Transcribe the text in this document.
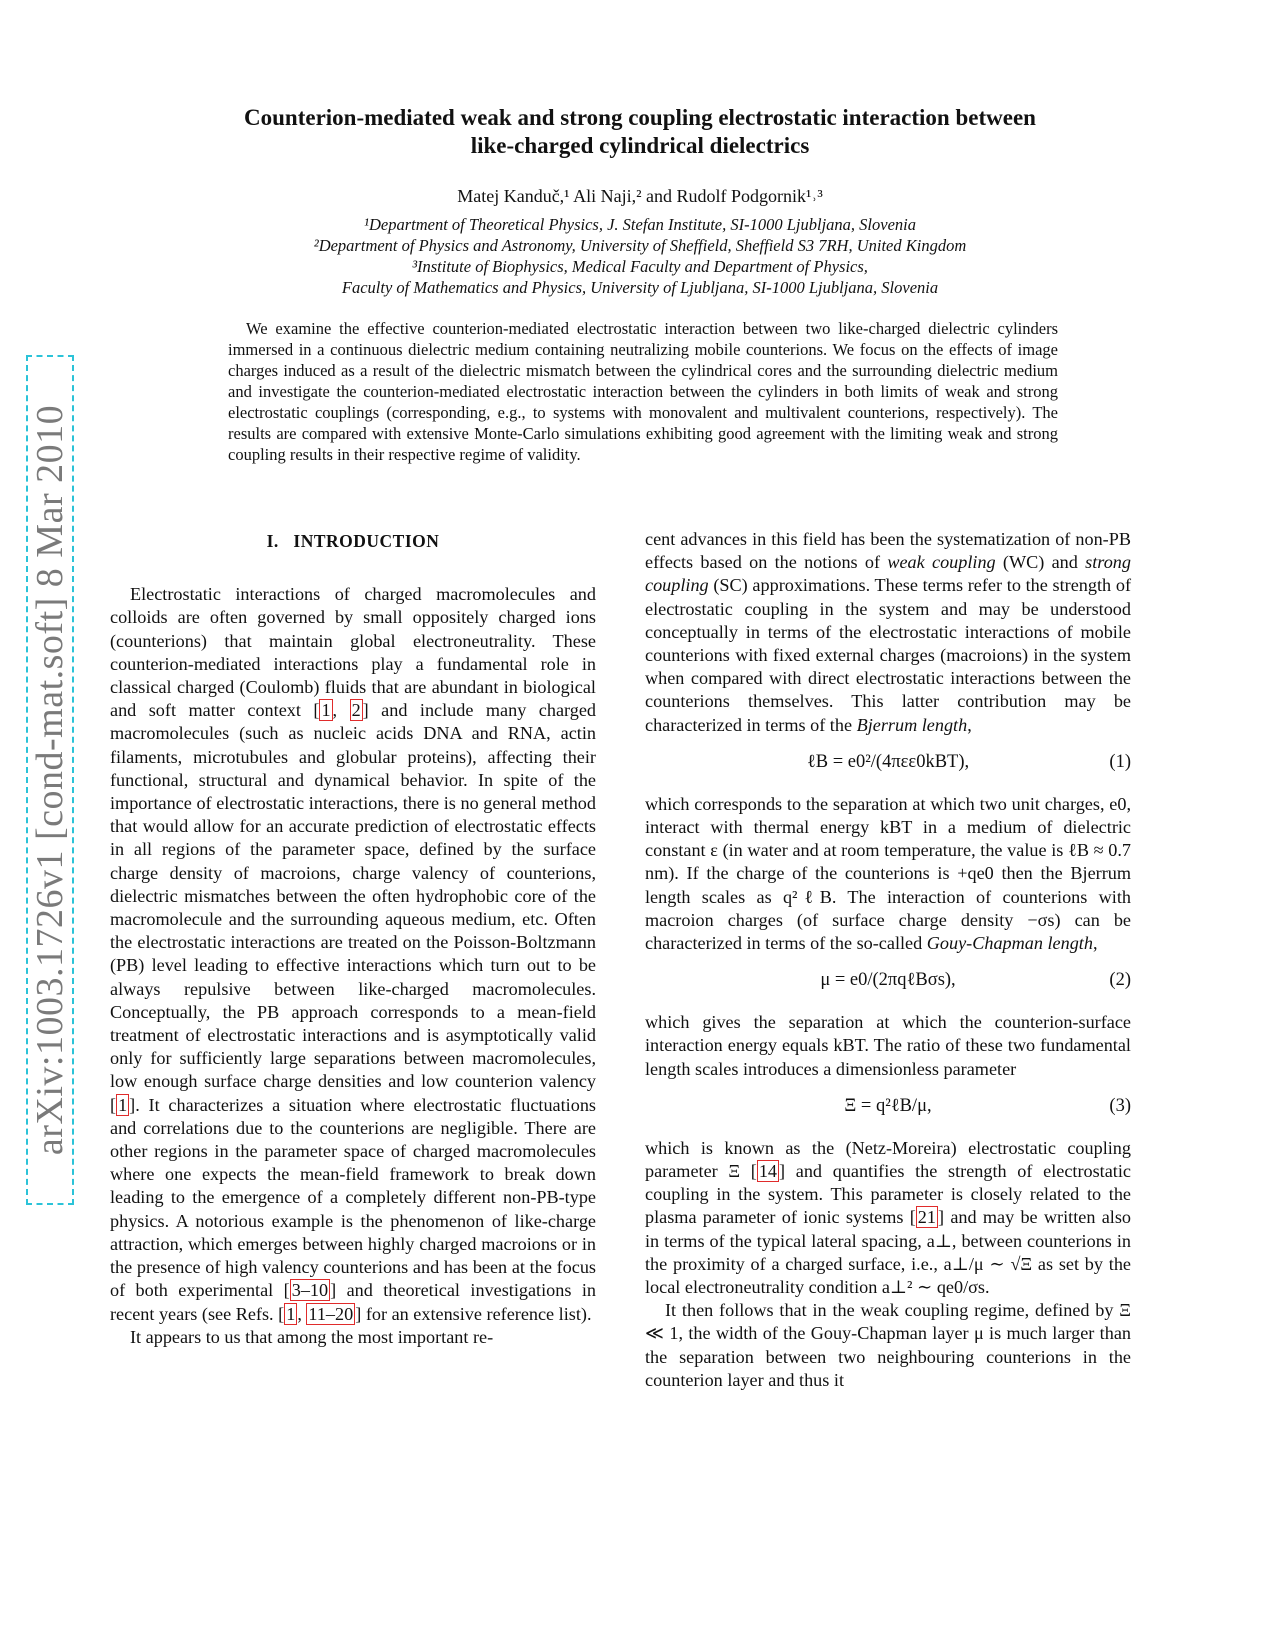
arXiv:1003.1726v1 [cond-mat.soft] 8 Mar 2010
Counterion-mediated weak and strong coupling electrostatic interaction between
like-charged cylindrical dielectrics
Matej Kanduč,¹ Ali Naji,² and Rudolf Podgornik¹˒³
¹Department of Theoretical Physics, J. Stefan Institute, SI-1000 Ljubljana, Slovenia
²Department of Physics and Astronomy, University of Sheffield, Sheffield S3 7RH, United Kingdom
³Institute of Biophysics, Medical Faculty and Department of Physics,
Faculty of Mathematics and Physics, University of Ljubljana, SI-1000 Ljubljana, Slovenia
We examine the effective counterion-mediated electrostatic interaction between two like-charged dielectric cylinders immersed in a continuous dielectric medium containing neutralizing mobile counterions. We focus on the effects of image charges induced as a result of the dielectric mismatch between the cylindrical cores and the surrounding dielectric medium and investigate the counterion-mediated electrostatic interaction between the cylinders in both limits of weak and strong electrostatic couplings (corresponding, e.g., to systems with monovalent and multivalent counterions, respectively). The results are compared with extensive Monte-Carlo simulations exhibiting good agreement with the limiting weak and strong coupling results in their respective regime of validity.
I. INTRODUCTION

Electrostatic interactions of charged macromolecules and colloids are often governed by small oppositely charged ions (counterions) that maintain global electroneutrality. These counterion-mediated interactions play a fundamental role in classical charged (Coulomb) fluids that are abundant in biological and soft matter context [ 1 , 2 ] and include many charged macromolecules (such as nucleic acids DNA and RNA, actin filaments, microtubules and globular proteins), affecting their functional, structural and dynamical behavior. In spite of the importance of electrostatic interactions, there is no general method that would allow for an accurate prediction of electrostatic effects in all regions of the parameter space, defined by the surface charge density of macroions, charge valency of counterions, dielectric mismatches between the often hydrophobic core of the macromolecule and the surrounding aqueous medium, etc. Often the electrostatic interactions are treated on the Poisson-Boltzmann (PB) level leading to effective interactions which turn out to be always repulsive between like-charged macromolecules. Conceptually, the PB approach corresponds to a mean-field treatment of electrostatic interactions and is asymptotically valid only for sufficiently large separations between macromolecules, low enough surface charge densities and low counterion valency [ 1 ]. It characterizes a situation where electrostatic fluctuations and correlations due to the counterions are negligible. There are other regions in the parameter space of charged macromolecules where one expects the mean-field framework to break down leading to the emergence of a completely different non-PB-type physics. A notorious example is the phenomenon of like-charge attraction, which emerges between highly charged macroions or in the presence of high valency counterions and has been at the focus of both experimental [ 3–10 ] and theoretical investigations in recent years (see Refs. [ 1 , 11–20 ] for an extensive reference list).

It appears to us that among the most important re-

cent advances in this field has been the systematization of non-PB effects based on the notions of weak coupling (WC) and strong coupling (SC) approximations. These terms refer to the strength of electrostatic coupling in the system and may be understood conceptually in terms of the electrostatic interactions of mobile counterions with fixed external charges (macroions) in the system when compared with direct electrostatic interactions between the counterions themselves. This latter contribution may be characterized in terms of the Bjerrum length,

ℓB = e0²/(4πεε0kBT),	(1)

which corresponds to the separation at which two unit charges, e0, interact with thermal energy kBT in a medium of dielectric constant ε (in water and at room temperature, the value is ℓB ≈ 0.7 nm). If the charge of the counterions is +qe0 then the Bjerrum length scales as q²ℓB. The interaction of counterions with macroion charges (of surface charge density −σs) can be characterized in terms of the so-called Gouy-Chapman length,

μ = e0/(2πqℓBσs),	(2)

which gives the separation at which the counterion-surface interaction energy equals kBT. The ratio of these two fundamental length scales introduces a dimensionless parameter

Ξ = q²ℓB/μ,	(3)

which is known as the (Netz-Moreira) electrostatic coupling parameter Ξ [ 14 ] and quantifies the strength of electrostatic coupling in the system. This parameter is closely related to the plasma parameter of ionic systems [ 21 ] and may be written also in terms of the typical lateral spacing, a⊥, between counterions in the proximity of a charged surface, i.e., a⊥/μ ∼ √Ξ as set by the local electroneutrality condition a⊥² ∼ qe0/σs.

It then follows that in the weak coupling regime, defined by Ξ ≪ 1, the width of the Gouy-Chapman layer μ is much larger than the separation between two neighbouring counterions in the counterion layer and thus it
